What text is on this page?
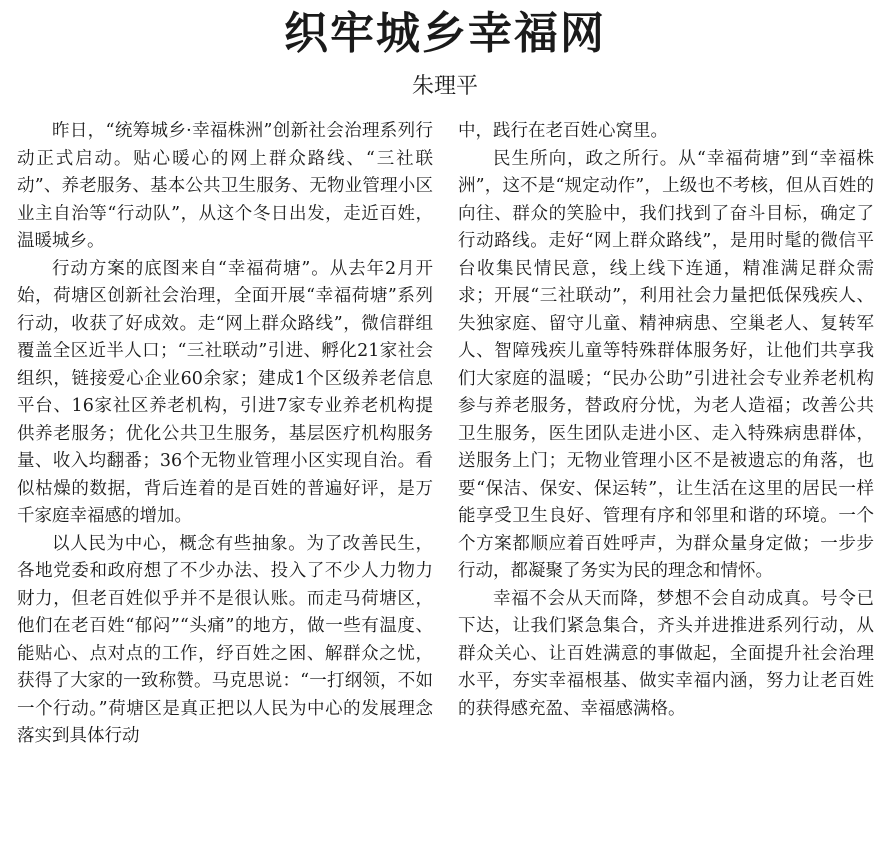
织牢城乡幸福网
朱理平

昨日，“统筹城乡·幸福株洲”创新社会治理系列行动正式启动。贴心暖心的网上群众路线、“三社联动”、养老服务、基本公共卫生服务、无物业管理小区业主自治等“行动队”，从这个冬日出发，走近百姓，温暖城乡。

行动方案的底图来自“幸福荷塘”。从去年2月开始，荷塘区创新社会治理，全面开展“幸福荷塘”系列行动，收获了好成效。走“网上群众路线”，微信群组覆盖全区近半人口；“三社联动”引进、孵化21家社会组织，链接爱心企业60余家；建成1个区级养老信息平台、16家社区养老机构，引进7家专业养老机构提供养老服务；优化公共卫生服务，基层医疗机构服务量、收入均翻番；36个无物业管理小区实现自治。看似枯燥的数据，背后连着的是百姓的普遍好评，是万千家庭幸福感的增加。

以人民为中心，概念有些抽象。为了改善民生，各地党委和政府想了不少办法、投入了不少人力物力财力，但老百姓似乎并不是很认账。而走马荷塘区，他们在老百姓“郁闷”“头痛”的地方，做一些有温度、能贴心、点对点的工作，纾百姓之困、解群众之忧，获得了大家的一致称赞。马克思说：“一打纲领，不如一个行动。”荷塘区是真正把以人民为中心的发展理念落实到具体行动

中，践行在老百姓心窝里。

民生所向，政之所行。从“幸福荷塘”到“幸福株洲”，这不是“规定动作”，上级也不考核，但从百姓的向往、群众的笑脸中，我们找到了奋斗目标，确定了行动路线。走好“网上群众路线”，是用时髦的微信平台收集民情民意，线上线下连通，精准满足群众需求；开展“三社联动”，利用社会力量把低保残疾人、失独家庭、留守儿童、精神病患、空巢老人、复转军人、智障残疾儿童等特殊群体服务好，让他们共享我们大家庭的温暖；“民办公助”引进社会专业养老机构参与养老服务，替政府分忧，为老人造福；改善公共卫生服务，医生团队走进小区、走入特殊病患群体，送服务上门；无物业管理小区不是被遗忘的角落，也要“保洁、保安、保运转”，让生活在这里的居民一样能享受卫生良好、管理有序和邻里和谐的环境。一个个方案都顺应着百姓呼声，为群众量身定做；一步步行动，都凝聚了务实为民的理念和情怀。

幸福不会从天而降，梦想不会自动成真。号令已下达，让我们紧急集合，齐头并进推进系列行动，从群众关心、让百姓满意的事做起，全面提升社会治理水平，夯实幸福根基、做实幸福内涵，努力让老百姓的获得感充盈、幸福感满格。
